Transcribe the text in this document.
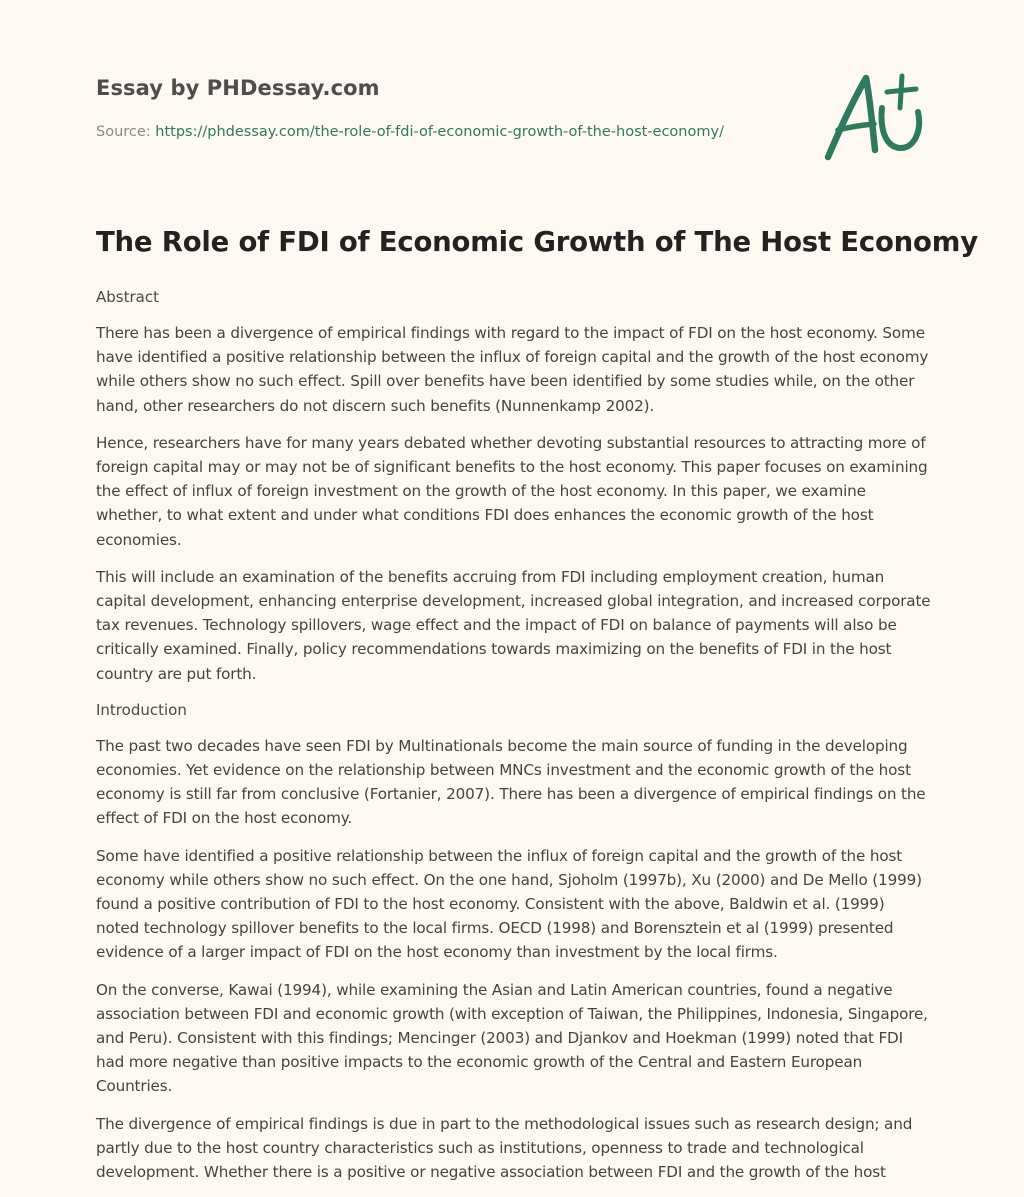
Essay by PHDessay.com
Source: https://phdessay.com/the-role-of-fdi-of-economic-growth-of-the-host-economy/
The Role of FDI of Economic Growth of The Host Economy
Abstract

There has been a divergence of empirical findings with regard to the impact of FDI on the host economy. Some have identified a positive relationship between the influx of foreign capital and the growth of the host economy while others show no such effect. Spill over benefits have been identified by some studies while, on the other hand, other researchers do not discern such benefits (Nunnenkamp 2002).

Hence, researchers have for many years debated whether devoting substantial resources to attracting more of foreign capital may or may not be of significant benefits to the host economy. This paper focuses on examining the effect of influx of foreign investment on the growth of the host economy. In this paper, we examine whether, to what extent and under what conditions FDI does enhances the economic growth of the host economies.

This will include an examination of the benefits accruing from FDI including employment creation, human capital development, enhancing enterprise development, increased global integration, and increased corporate tax revenues. Technology spillovers, wage effect and the impact of FDI on balance of payments will also be critically examined. Finally, policy recommendations towards maximizing on the benefits of FDI in the host country are put forth.

Introduction

The past two decades have seen FDI by Multinationals become the main source of funding in the developing economies. Yet evidence on the relationship between MNCs investment and the economic growth of the host economy is still far from conclusive (Fortanier, 2007). There has been a divergence of empirical findings on the effect of FDI on the host economy.

Some have identified a positive relationship between the influx of foreign capital and the growth of the host economy while others show no such effect. On the one hand, Sjoholm (1997b), Xu (2000) and De Mello (1999) found a positive contribution of FDI to the host economy. Consistent with the above, Baldwin et al. (1999) noted technology spillover benefits to the local firms. OECD (1998) and Borensztein et al (1999) presented evidence of a larger impact of FDI on the host economy than investment by the local firms.

On the converse, Kawai (1994), while examining the Asian and Latin American countries, found a negative association between FDI and economic growth (with exception of Taiwan, the Philippines, Indonesia, Singapore, and Peru). Consistent with this findings; Mencinger (2003) and Djankov and Hoekman (1999) noted that FDI had more negative than positive impacts to the economic growth of the Central and Eastern European Countries.

The divergence of empirical findings is due in part to the methodological issues such as research design; and partly due to the host country characteristics such as institutions, openness to trade and technological development. Whether there is a positive or negative association between FDI and the growth of the host
